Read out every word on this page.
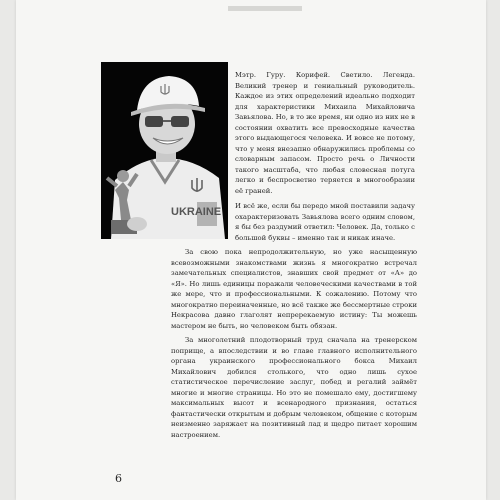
UKRAINE

Мэтр. Гуру. Корифей. Светило. Легенда. Великий тренер и гениальный руководитель. Каждое из этих определений идеально подходит для характеристики Михаила Михайловича Завьялова. Но, в то же время, ни одно из них не в состоянии охватить все превосходные качества этого выдающегося человека. И вовсе не потому, что у меня внезапно обнаружились проблемы со словарным запасом. Просто речь о Личности такого масштаба, что любая словесная потуга легко и беспросветно теряется в многообразии её граней.

И всё же, если бы передо мной поставили задачу охарактеризовать Завьялова всего одним словом, я бы без раздумий ответил: Человек. Да, только с большой буквы – именно так и никак иначе.

За свою пока непродолжительную, но уже насыщенную всевозможными знакомствами жизнь я многократно встречал замечательных специалистов, знавших свой предмет от «А» до «Я». Но лишь единицы поражали человеческими качествами в той же мере, что и профессиональными. К сожалению. Потому что многократно переиначенные, но всё также же бессмертные строки Некрасова давно глаголят непререкаемую истину: Ты можешь мастером не быть, но человеком быть обязан.

За многолетний плодотворный труд сначала на тренерском поприще, а впоследствии и во главе главного исполнительного органа украинского профессионального бокса Михаил Михайлович добился столького, что одно лишь сухое статистическое перечисление заслуг, побед и регалий займёт многие и многие страницы. Но это не помешало ему, достигшему максимальных высот и всенародного признания, остаться фантастически открытым и добрым человеком, общение с которым неизменно заряжает на позитивный лад и щедро питает хорошим настроением.

6
